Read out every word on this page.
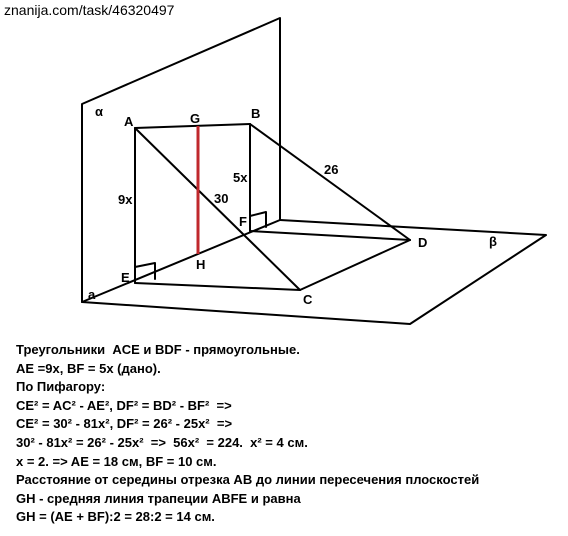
znanija.com/task/46320497
α
β
a
A	G	B
E
H
F
C
D
9x
5x
30
26
Треугольники  ACE и BDF - прямоугольные.
AE =9x, BF = 5x (дано).
По Пифагору:
CE² = AC² - AE², DF² = BD² - BF²  =>
CE² = 30² - 81x², DF² = 26² - 25x²  =>
30² - 81x² = 26² - 25x²  =>  56x²  = 224.  x² = 4 см.
x = 2. => AE = 18 см, BF = 10 см.
Расстояние от середины отрезка AB до линии пересечения плоскостей
GH - средняя линия трапеции ABFE и равна
GH = (AE + BF):2 = 28:2 = 14 см.
